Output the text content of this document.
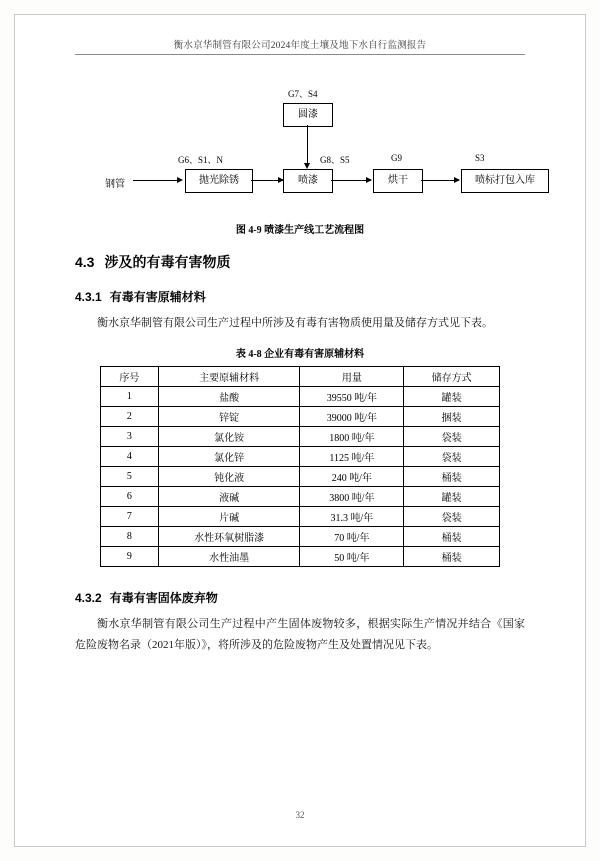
衡水京华制管有限公司2024年度土壤及地下水自行监测报告
G7、S4
圆漆
G6、S1、N	G8、S5	G9	S3
钢管	抛光除锈	喷漆	烘干	喷标打包入库
图 4-9 喷漆生产线工艺流程图
4.3 涉及的有毒有害物质
4.3.1 有毒有害原辅材料

衡水京华制管有限公司生产过程中所涉及有毒有害物质使用量及储存方式见下表。

表 4-8 企业有毒有害原辅材料
序号	主要原辅材料	用量	储存方式
1	盐酸	39550 吨/年	罐装
2	锌锭	39000 吨/年	捆装
3	氯化铵	1800 吨/年	袋装
4	氯化锌	1125 吨/年	袋装
5	钝化液	240 吨/年	桶装
6	液碱	3800 吨/年	罐装
7	片碱	31.3 吨/年	袋装
8	水性环氧树脂漆	70 吨/年	桶装
9	水性油墨	50 吨/年	桶装
4.3.2 有毒有害固体废弃物

衡水京华制管有限公司生产过程中产生固体废物较多，根据实际生产情况并结合《国家危险废物名录（2021年版）》，将所涉及的危险废物产生及处置情况见下表。

32
